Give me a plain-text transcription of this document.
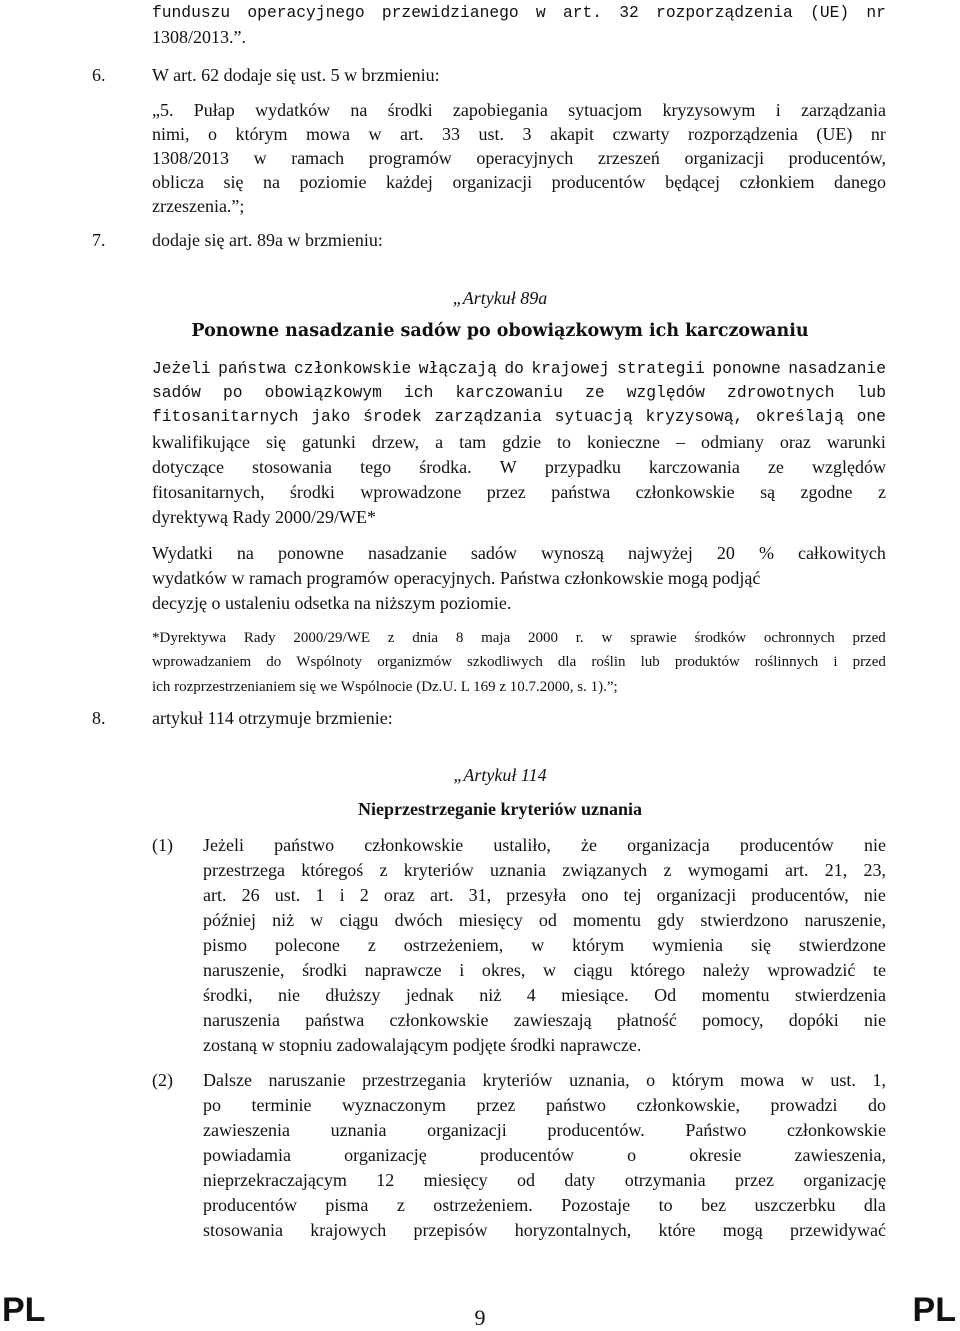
funduszu operacyjnego przewidzianego w art. 32 rozporządzenia (UE) nr
1308/2013.”.
6.	W art. 62 dodaje się ust. 5 w brzmieniu:
„5. Pułap wydatków na środki zapobiegania sytuacjom kryzysowym i zarządzania
nimi, o którym mowa w art. 33 ust. 3 akapit czwarty rozporządzenia (UE) nr
1308/2013 w ramach programów operacyjnych zrzeszeń organizacji producentów,
oblicza się na poziomie każdej organizacji producentów będącej członkiem danego
zrzeszenia.”;
7.	dodaje się art. 89a w brzmieniu:
„Artykuł 89a
Ponowne nasadzanie sadów po obowiązkowym ich karczowaniu
Jeżeli państwa członkowskie włączają do krajowej strategii ponowne nasadzanie
sadów po obowiązkowym ich karczowaniu ze względów zdrowotnych lub
fitosanitarnych jako środek zarządzania sytuacją kryzysową, określają one
kwalifikujące się gatunki drzew, a tam gdzie to konieczne – odmiany oraz warunki
dotyczące stosowania tego środka. W przypadku karczowania ze względów
fitosanitarnych, środki wprowadzone przez państwa członkowskie są zgodne z
dyrektywą Rady 2000/29/WE*
Wydatki na ponowne nasadzanie sadów wynoszą najwyżej 20 % całkowitych
wydatków w ramach programów operacyjnych. Państwa członkowskie mogą podjąć
decyzję o ustaleniu odsetka na niższym poziomie.
*Dyrektywa Rady 2000/29/WE z dnia 8 maja 2000 r. w sprawie środków ochronnych przed
wprowadzaniem do Wspólnoty organizmów szkodliwych dla roślin lub produktów roślinnych i przed
ich rozprzestrzenianiem się we Wspólnocie (Dz.U. L 169 z 10.7.2000, s. 1).”;
8.	artykuł 114 otrzymuje brzmienie:
„Artykuł 114
Nieprzestrzeganie kryteriów uznania
(1) Jeżeli państwo członkowskie ustaliło, że organizacja producentów nie
przestrzega któregoś z kryteriów uznania związanych z wymogami art. 21, 23,
art. 26 ust. 1 i 2 oraz art. 31, przesyła ono tej organizacji producentów, nie
później niż w ciągu dwóch miesięcy od momentu gdy stwierdzono naruszenie,
pismo polecone z ostrzeżeniem, w którym wymienia się stwierdzone
naruszenie, środki naprawcze i okres, w ciągu którego należy wprowadzić te
środki, nie dłuższy jednak niż 4 miesiące. Od momentu stwierdzenia
naruszenia państwa członkowskie zawieszają płatność pomocy, dopóki nie
zostaną w stopniu zadowalającym podjęte środki naprawcze.
(2) Dalsze naruszanie przestrzegania kryteriów uznania, o którym mowa w ust. 1,
po terminie wyznaczonym przez państwo członkowskie, prowadzi do
zawieszenia uznania organizacji producentów. Państwo członkowskie
powiadamia	organizację	producentów	o	okresie	zawieszenia,
nieprzekraczającym 12 miesięcy od daty otrzymania przez organizację
producentów pisma z ostrzeżeniem. Pozostaje to bez uszczerbku dla
stosowania krajowych przepisów horyzontalnych, które mogą przewidywać
PL	9	PL
